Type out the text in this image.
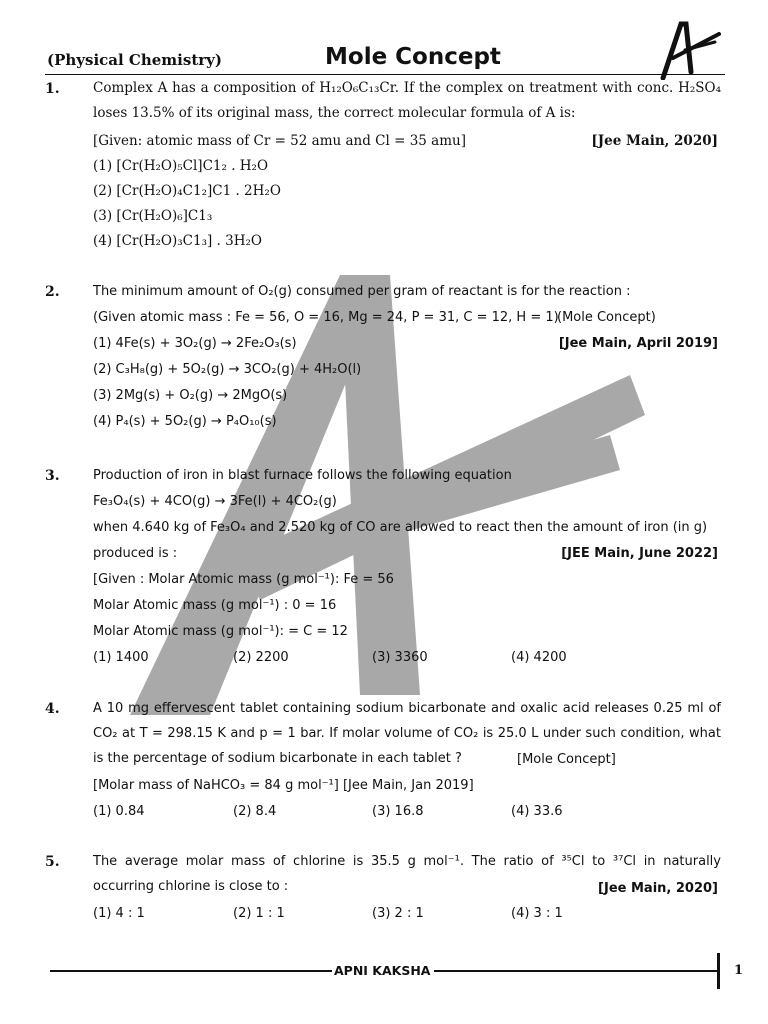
(Physical Chemistry)	Mole Concept
1. Complex A has a composition of H₁₂O₆C₁₃Cr. If the complex on treatment with conc. H₂SO₄ loses 13.5% of its original mass, the correct molecular formula of A is:
[Given: atomic mass of Cr = 52 amu and Cl = 35 amu]	[Jee Main, 2020]
(1) [Cr(H₂O)₅Cl]C1₂ . H₂O
(2) [Cr(H₂O)₄C1₂]C1 . 2H₂O
(3) [Cr(H₂O)₆]C1₃
(4) [Cr(H₂O)₃C1₃] . 3H₂O
2.	The minimum amount of O₂(g) consumed per gram of reactant is for the reaction :
(Given atomic mass : Fe = 56, O = 16, Mg = 24, P = 31, C = 12, H = 1)
(Mole Concept)
(1) 4Fe(s) + 3O₂(g) → 2Fe₂O₃(s)	[Jee Main, April 2019]
(2) C₃H₈(g) + 5O₂(g) → 3CO₂(g) + 4H₂O(l)
(3) 2Mg(s) + O₂(g) → 2MgO(s)
(4) P₄(s) + 5O₂(g) → P₄O₁₀(s)
3.	Production of iron in blast furnace follows the following equation
Fe₃O₄(s) + 4CO(g) → 3Fe(l) + 4CO₂(g)
when 4.640 kg of Fe₃O₄ and 2.520 kg of CO are allowed to react then the amount of iron (in g)
produced is :	[JEE Main, June 2022]
[Given : Molar Atomic mass (g mol⁻¹): Fe = 56
Molar Atomic mass (g mol⁻¹) : 0 = 16
Molar Atomic mass (g mol⁻¹): = C = 12
(1) 1400	(2) 2200	(3) 3360	(4) 4200
4.	A 10 mg effervescent tablet containing sodium bicarbonate and oxalic acid releases 0.25 ml of CO₂ at T = 298.15 K and p = 1 bar. If molar volume of CO₂ is 25.0 L under such condition, what is the percentage of sodium bicarbonate in each tablet ?	[Mole Concept]
[Molar mass of NaHCO₃ = 84 g mol⁻¹] [Jee Main, Jan 2019]
(1) 0.84	(2) 8.4	(3) 16.8	(4) 33.6
5.	The average molar mass of chlorine is 35.5 g mol⁻¹. The ratio of ³⁵Cl to ³⁷Cl in naturally occurring chlorine is close to :	[Jee Main, 2020]
(1) 4 : 1	(2) 1 : 1	(3) 2 : 1	(4) 3 : 1
APNI KAKSHA	1
